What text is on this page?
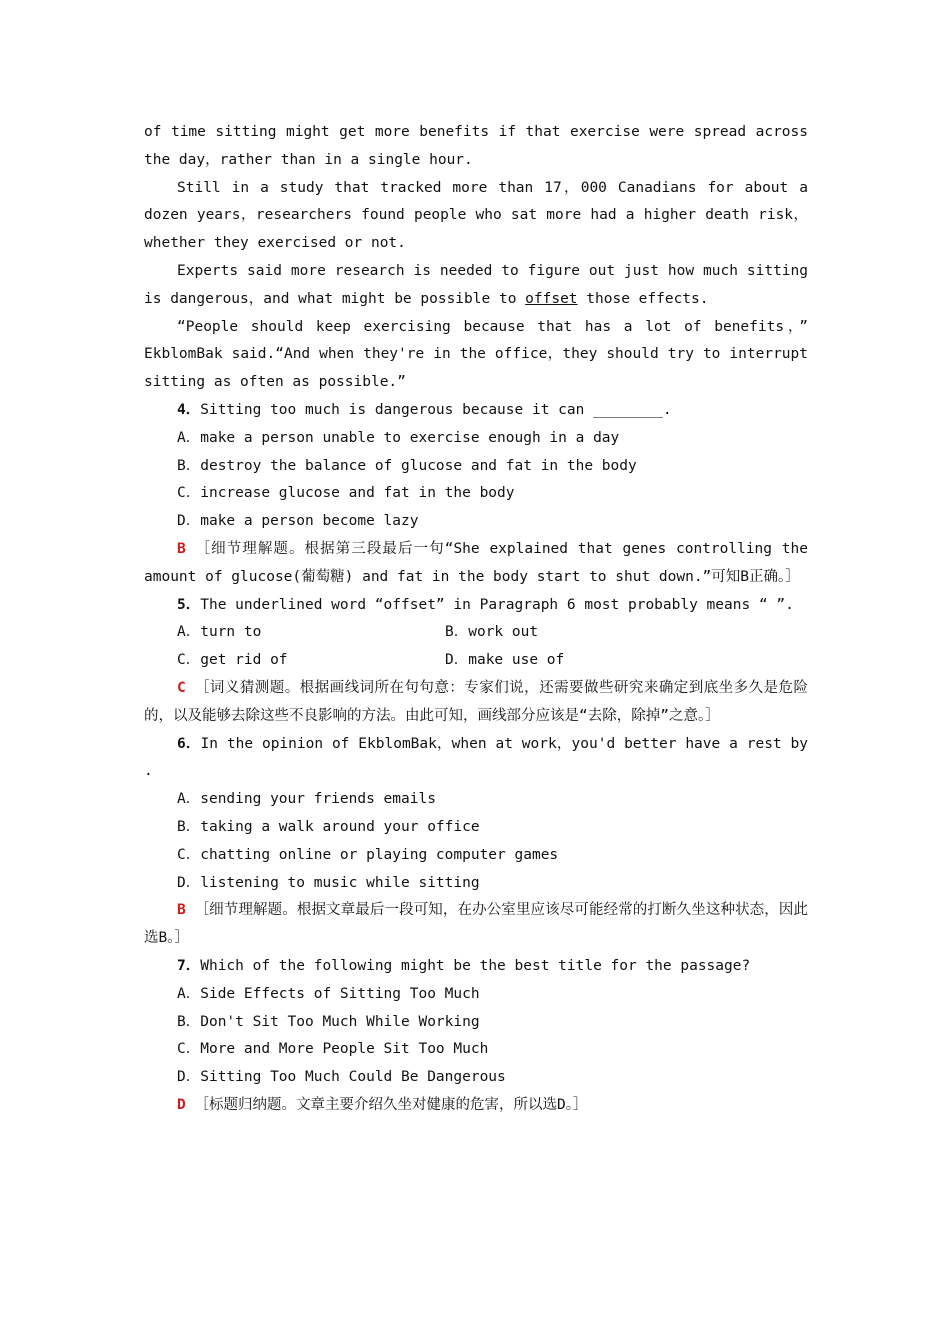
of time sitting might get more benefits if that exercise were spread across the day，rather than in a single hour.

Still in a study that tracked more than 17，000 Canadians for about a dozen years，researchers found people who sat more had a higher death risk，whether they exercised or not.

Experts said more research is needed to figure out just how much sitting is dangerous，and what might be possible to offset those effects.

“People should keep exercising because that has a lot of benefits，” EkblomBak said.“And when they're in the office，they should try to interrupt sitting as often as possible.”

4．Sitting too much is dangerous because it can ________.

A．make a person unable to exercise enough in a day

B．destroy the balance of glucose and fat in the body

C．increase glucose and fat in the body

D．make a person become lazy

B ［细节理解题。根据第三段最后一句“She explained that genes controlling the amount of glucose(葡萄糖) and fat in the body start to shut down.”可知B正确。］

5．The underlined word “offset” in Paragraph 6 most probably means “ ”.

A．turn to	B．work out
C．get rid of	D．make use of

C ［词义猜测题。根据画线词所在句句意：专家们说，还需要做些研究来确定到底坐多久是危险的，以及能够去除这些不良影响的方法。由此可知，画线部分应该是“去除，除掉”之意。］

6．In the opinion of EkblomBak，when at work，you'd better have a rest by .

A．sending your friends emails

B．taking a walk around your office

C．chatting online or playing computer games

D．listening to music while sitting

B ［细节理解题。根据文章最后一段可知，在办公室里应该尽可能经常的打断久坐这种状态，因此选B。］

7．Which of the following might be the best title for the passage?

A．Side Effects of Sitting Too Much

B．Don't Sit Too Much While Working

C．More and More People Sit Too Much

D．Sitting Too Much Could Be Dangerous

D ［标题归纳题。文章主要介绍久坐对健康的危害，所以选D。］
